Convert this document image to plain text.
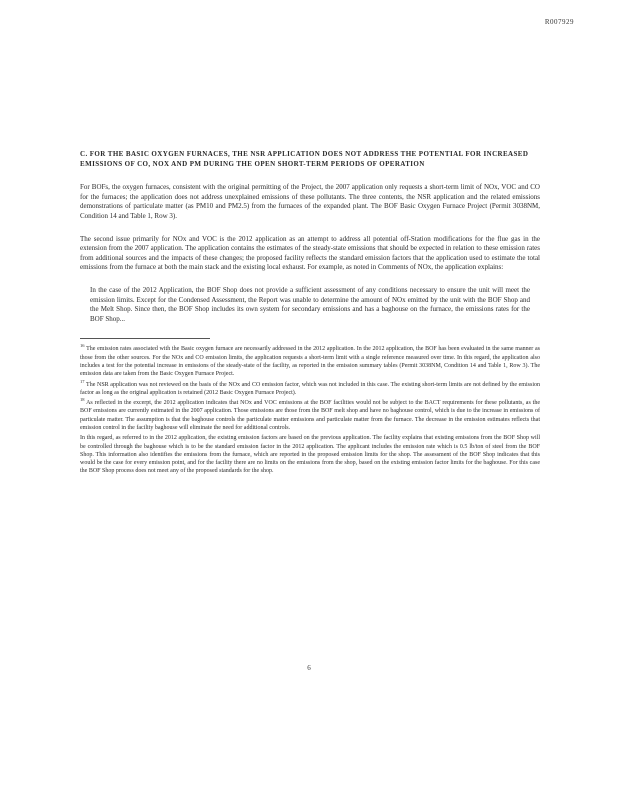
R007929
C. FOR THE BASIC OXYGEN FURNACES, THE NSR APPLICATION DOES NOT ADDRESS THE POTENTIAL FOR INCREASED EMISSIONS OF CO, NOX AND PM DURING THE OPEN SHORT-TERM PERIODS OF OPERATION

For BOFs, the oxygen furnaces, consistent with the original permitting of the Project, the 2007 application only requests a short-term limit of NOx, VOC and CO for the furnaces; the application does not address unexplained emissions of these pollutants. The three contents, the NSR application and the related emissions demonstrations of particulate matter (as PM10 and PM2.5) from the furnaces of the expanded plant. The BOF Basic Oxygen Furnace Project (Permit 3038NM, Condition 14 and Table 1, Row 3).

The second issue primarily for NOx and VOC is the 2012 application as an attempt to address all potential off-Station modifications for the flue gas in the extension from the 2007 application. The application contains the estimates of the steady-state emissions that should be expected in relation to these emission rates from additional sources and the impacts of these changes; the proposed facility reflects the standard emission factors that the application used to estimate the total emissions from the furnace at both the main stack and the existing local exhaust. For example, as noted in Comments of NOx, the application explains:

In the case of the 2012 Application, the BOF Shop does not provide a sufficient assessment of any conditions necessary to ensure the unit will meet the emission limits. Except for the Condensed Assessment, the Report was unable to determine the amount of NOx emitted by the unit with the BOF Shop and the Melt Shop. Since then, the BOF Shop includes its own system for secondary emissions and has a baghouse on the furnace, the emissions rates for the BOF Shop...
$^{16}$ The emission rates associated with the Basic oxygen furnace are necessarily addressed in the 2012 application. In the 2012 application, the BOF has been evaluated in the same manner as those from the other sources. For the NOx and CO emission limits, the application requests a short-term limit with a single reference measured over time. In this regard, the application also includes a test for the potential increase in emissions of the steady-state of the facility, as reported in the emission summary tables (Permit 3038NM, Condition 14 and Table 1, Row 3). The emission data are taken from the Basic Oxygen Furnace Project.
$^{17}$ The NSR application was not reviewed on the basis of the NOx and CO emission factor, which was not included in this case. The existing short-term limits are not defined by the emission factor as long as the original application is retained (2012 Basic Oxygen Furnace Project).
$^{18}$ As reflected in the excerpt, the 2012 application indicates that NOx and VOC emissions at the BOF facilities would not be subject to the BACT requirements for these pollutants, as the BOF emissions are currently estimated in the 2007 application. Those emissions are those from the BOF melt shop and have no baghouse control, which is due to the increase in emissions of particulate matter. The assumption is that the baghouse controls the particulate matter emissions and particulate matter from the furnace. The decrease in the emission estimates reflects that emission control in the facility baghouse will eliminate the need for additional controls.
In this regard, as referred to in the 2012 application, the existing emission factors are based on the previous application. The facility explains that existing emissions from the BOF Shop will be controlled through the baghouse which is to be the standard emission factor in the 2012 application. The applicant includes the emission rate which is 0.5 lb/ton of steel from the BOF Shop. This information also identifies the emissions from the furnace, which are reported in the proposed emission limits for the shop. The assessment of the BOF Shop indicates that this would be the case for every emission point, and for the facility there are no limits on the emissions from the shop, based on the existing emission factor limits for the baghouse. For this case the BOF Shop process does not meet any of the proposed standards for the shop.
6
